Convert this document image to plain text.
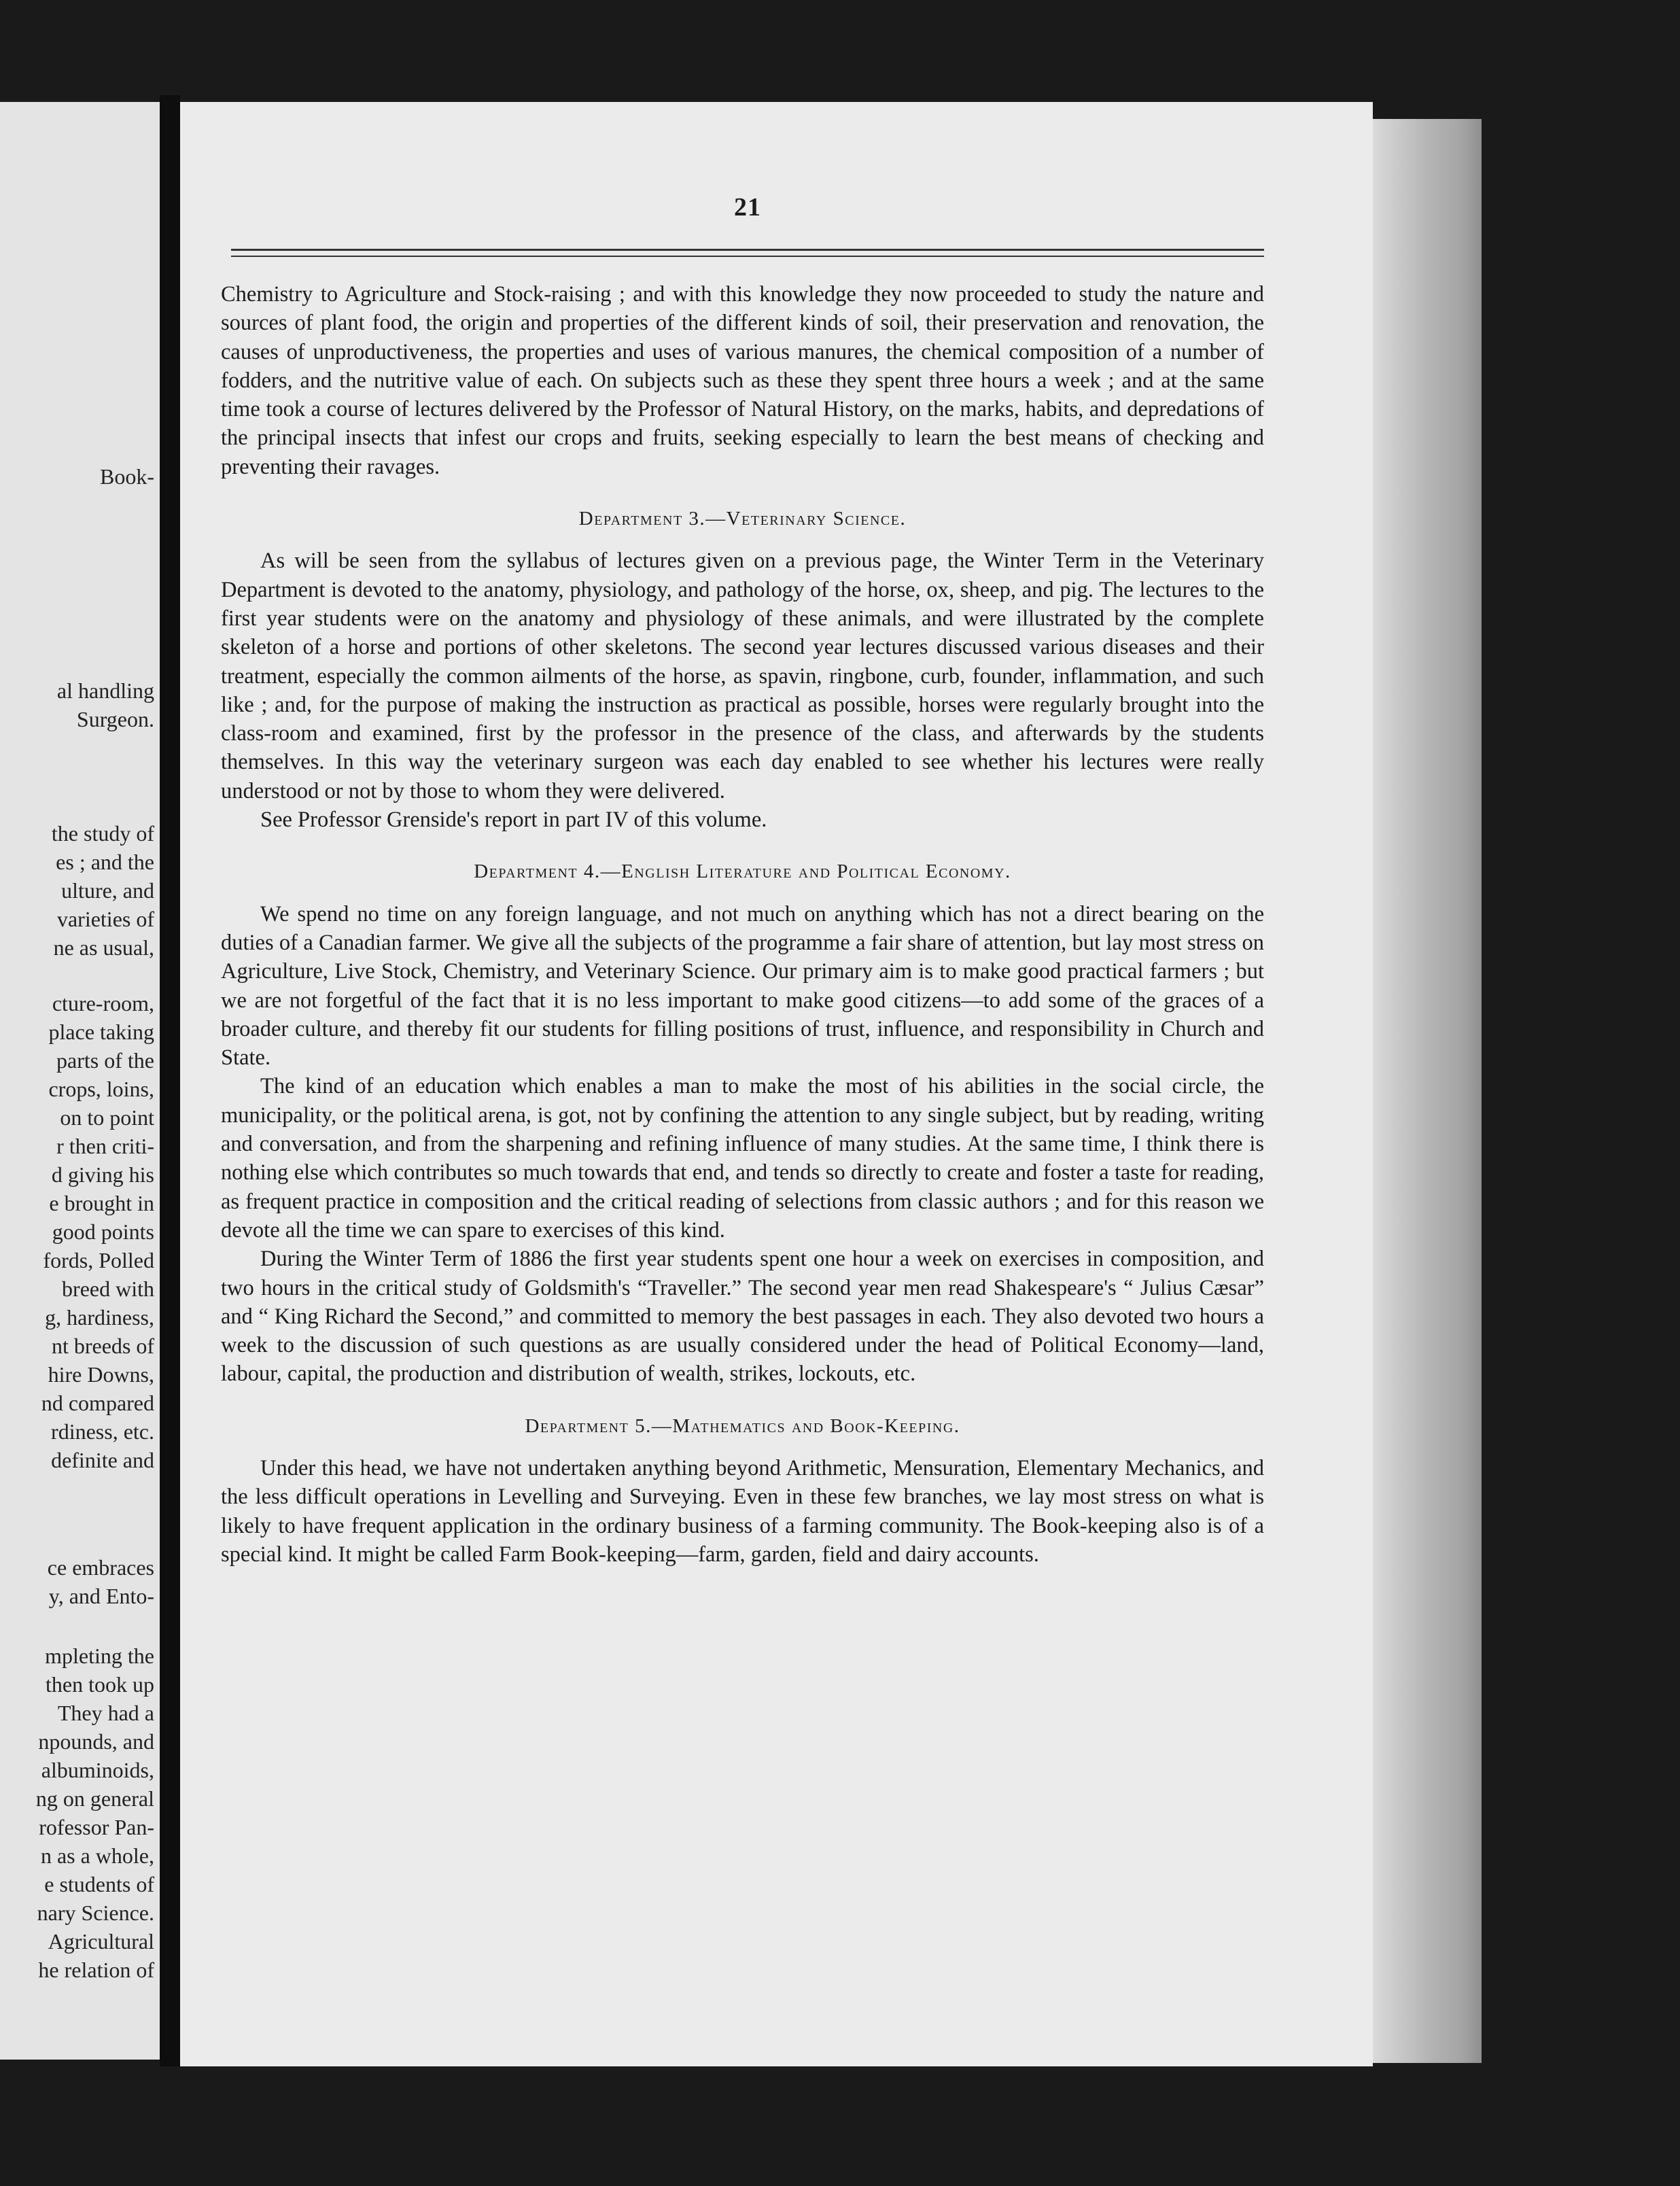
Book-
al handling
Surgeon.
the study of
es ; and the
ulture, and
varieties of
ne as usual,
cture-room,
place taking
parts of the
crops, loins,
on to point
r then criti-
d giving his
e brought in
good points
fords, Polled
breed with
g, hardiness,
nt breeds of
hire Downs,
nd compared
rdiness, etc.
definite and
ce embraces
y, and Ento-
mpleting the
then took up
They had a
npounds, and
albuminoids,
ng on general
rofessor Pan-
n as a whole,
e students of
nary Science.
Agricultural
he relation of
21

Chemistry to Agriculture and Stock-raising ; and with this knowledge they now proceeded to study the nature and sources of plant food, the origin and properties of the different kinds of soil, their preservation and renovation, the causes of unproductiveness, the properties and uses of various manures, the chemical composition of a number of fodders, and the nutritive value of each. On subjects such as these they spent three hours a week ; and at the same time took a course of lectures delivered by the Professor of Natural History, on the marks, habits, and depredations of the principal insects that infest our crops and fruits, seeking especially to learn the best means of checking and preventing their ravages.

Department 3.—Veterinary Science.

As will be seen from the syllabus of lectures given on a previous page, the Winter Term in the Veterinary Department is devoted to the anatomy, physiology, and pathology of the horse, ox, sheep, and pig. The lectures to the first year students were on the anatomy and physiology of these animals, and were illustrated by the complete skeleton of a horse and portions of other skeletons. The second year lectures discussed various diseases and their treatment, especially the common ailments of the horse, as spavin, ringbone, curb, founder, inflammation, and such like ; and, for the purpose of making the instruction as practical as possible, horses were regularly brought into the class-room and examined, first by the professor in the presence of the class, and afterwards by the students themselves. In this way the veterinary surgeon was each day enabled to see whether his lectures were really understood or not by those to whom they were delivered.

See Professor Grenside's report in part IV of this volume.

Department 4.—English Literature and Political Economy.

We spend no time on any foreign language, and not much on anything which has not a direct bearing on the duties of a Canadian farmer. We give all the subjects of the programme a fair share of attention, but lay most stress on Agriculture, Live Stock, Chemistry, and Veterinary Science. Our primary aim is to make good practical farmers ; but we are not forgetful of the fact that it is no less important to make good citizens—to add some of the graces of a broader culture, and thereby fit our students for filling positions of trust, influence, and responsibility in Church and State.

The kind of an education which enables a man to make the most of his abilities in the social circle, the municipality, or the political arena, is got, not by confining the attention to any single subject, but by reading, writing and conversation, and from the sharpening and refining influence of many studies. At the same time, I think there is nothing else which contributes so much towards that end, and tends so directly to create and foster a taste for reading, as frequent practice in composition and the critical reading of selections from classic authors ; and for this reason we devote all the time we can spare to exercises of this kind.

During the Winter Term of 1886 the first year students spent one hour a week on exercises in composition, and two hours in the critical study of Goldsmith's “Traveller.” The second year men read Shakespeare's “ Julius Cæsar” and “ King Richard the Second,” and committed to memory the best passages in each. They also devoted two hours a week to the discussion of such questions as are usually considered under the head of Political Economy—land, labour, capital, the production and distribution of wealth, strikes, lockouts, etc.

Department 5.—Mathematics and Book-Keeping.

Under this head, we have not undertaken anything beyond Arithmetic, Mensuration, Elementary Mechanics, and the less difficult operations in Levelling and Surveying. Even in these few branches, we lay most stress on what is likely to have frequent application in the ordinary business of a farming community. The Book-keeping also is of a special kind. It might be called Farm Book-keeping—farm, garden, field and dairy accounts.
